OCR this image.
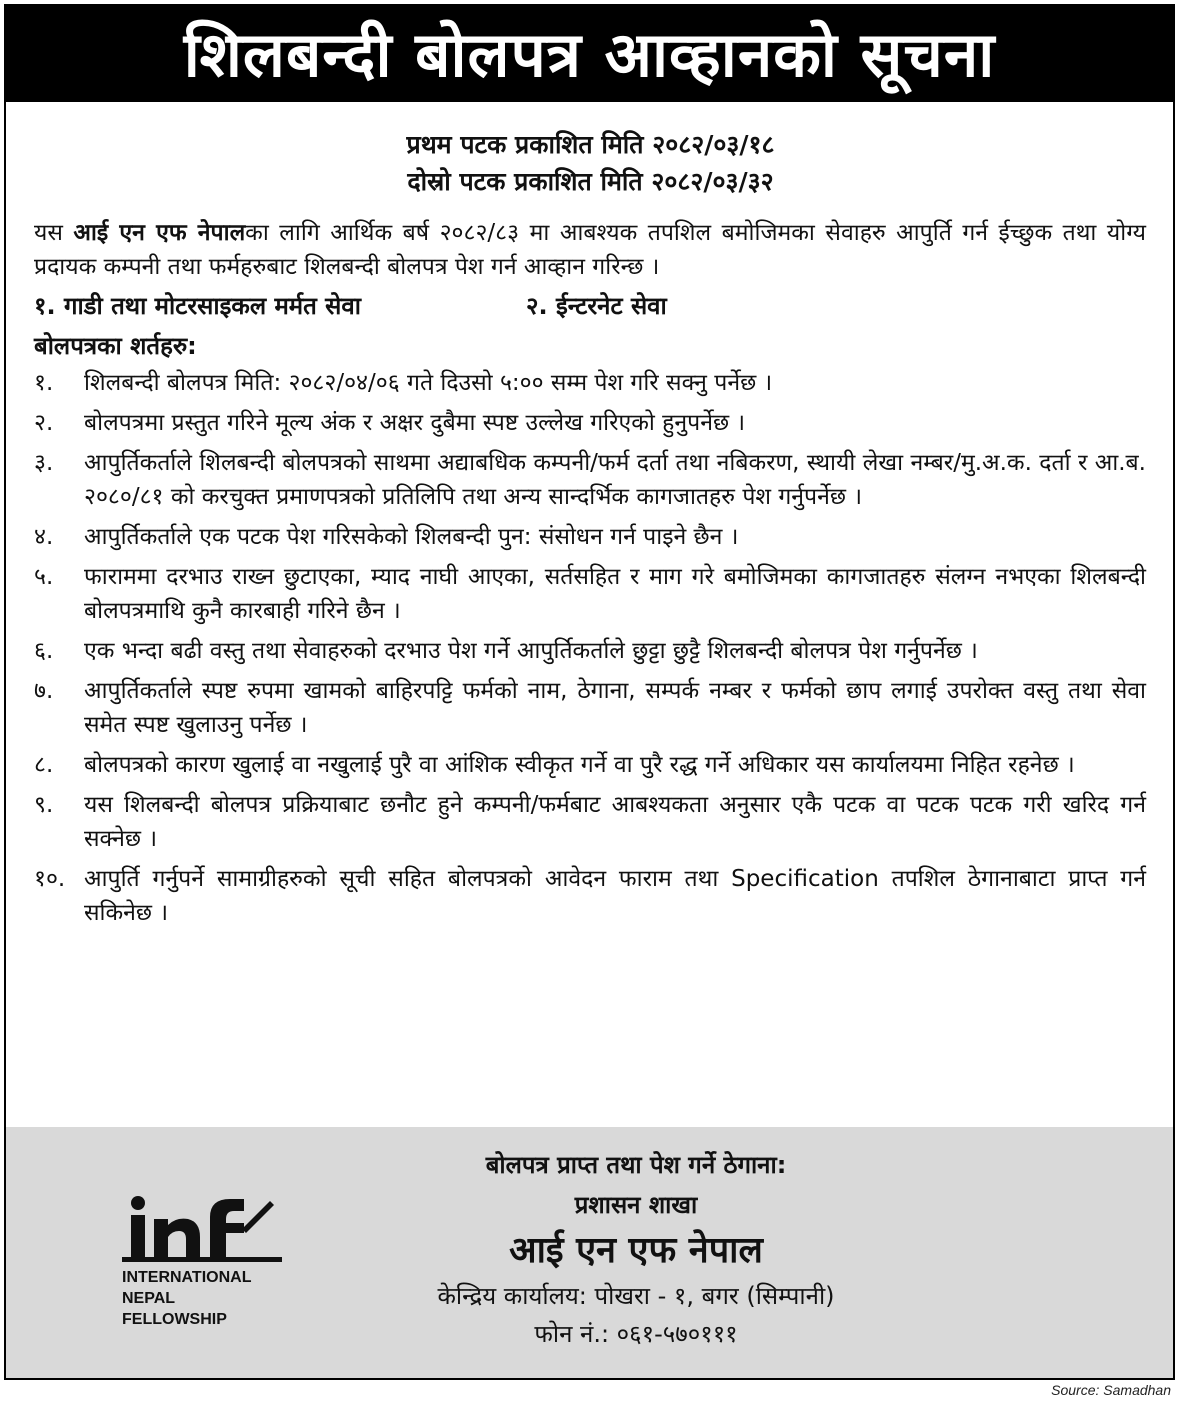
शिलबन्दी बोलपत्र आव्हानको सूचना
प्रथम पटक प्रकाशित मिति २०८२/०३/१८
दोस्रो पटक प्रकाशित मिति २०८२/०३/३२

यस आई एन एफ नेपालका लागि आर्थिक बर्ष २०८२/८३ मा आबश्यक तपशिल बमोजिमका सेवाहरु आपुर्ति गर्न ईच्छुक तथा योग्य प्रदायक कम्पनी तथा फर्महरुबाट शिलबन्दी बोलपत्र पेश गर्न आव्हान गरिन्छ ।

१. गाडी तथा मोटरसाइकल मर्मत सेवा	२. ईन्टरनेट सेवा
बोलपत्रका शर्तहरु:
१.	शिलबन्दी बोलपत्र मिति: २०८२/०४/०६ गते दिउसो ५:०० सम्म पेश गरि सक्नु पर्नेछ ।
२.	बोलपत्रमा प्रस्तुत गरिने मूल्य अंक र अक्षर दुबैमा स्पष्ट उल्लेख गरिएको हुनुपर्नेछ ।
३.	आपुर्तिकर्ताले शिलबन्दी बोलपत्रको साथमा अद्याबधिक कम्पनी/फर्म दर्ता तथा नबिकरण, स्थायी लेखा नम्बर/मु.अ.क. दर्ता र आ.ब. २०८०/८१ को करचुक्त प्रमाणपत्रको प्रतिलिपि तथा अन्य सान्दर्भिक कागजातहरु पेश गर्नुपर्नेछ ।
४.	आपुर्तिकर्ताले एक पटक पेश गरिसकेको शिलबन्दी पुन: संसोधन गर्न पाइने छैन ।
५.	फाराममा दरभाउ राख्न छुटाएका, म्याद नाघी आएका, सर्तसहित र माग गरे बमोजिमका कागजातहरु संलग्न नभएका शिलबन्दी बोलपत्रमाथि कुनै कारबाही गरिने छैन ।
६.	एक भन्दा बढी वस्तु तथा सेवाहरुको दरभाउ पेश गर्ने आपुर्तिकर्ताले छुट्टा छुट्टै शिलबन्दी बोलपत्र पेश गर्नुपर्नेछ ।
७.	आपुर्तिकर्ताले स्पष्ट रुपमा खामको बाहिरपट्टि फर्मको नाम, ठेगाना, सम्पर्क नम्बर र फर्मको छाप लगाई उपरोक्त वस्तु तथा सेवा समेत स्पष्ट खुलाउनु पर्नेछ ।
८.	बोलपत्रको कारण खुलाई वा नखुलाई पुरै वा आंशिक स्वीकृत गर्ने वा पुरै रद्ध गर्ने अधिकार यस कार्यालयमा निहित रहनेछ ।
९.	यस शिलबन्दी बोलपत्र प्रक्रियाबाट छनौट हुने कम्पनी/फर्मबाट आबश्यकता अनुसार एकै पटक वा पटक पटक गरी खरिद गर्न सक्नेछ ।
१०. आपुर्ति गर्नुपर्ने सामाग्रीहरुको सूची सहित बोलपत्रको आवेदन फाराम तथा Specification तपशिल ठेगानाबाटा प्राप्त गर्न सकिनेछ ।
INTERNATIONAL
NEPAL
FELLOWSHIP
बोलपत्र प्राप्त तथा पेश गर्ने ठेगाना:
प्रशासन शाखा
आई एन एफ नेपाल
केन्द्रिय कार्यालय: पोखरा - १, बगर (सिम्पानी)
फोन नं.: ०६१-५७०१११
Source: Samadhan
